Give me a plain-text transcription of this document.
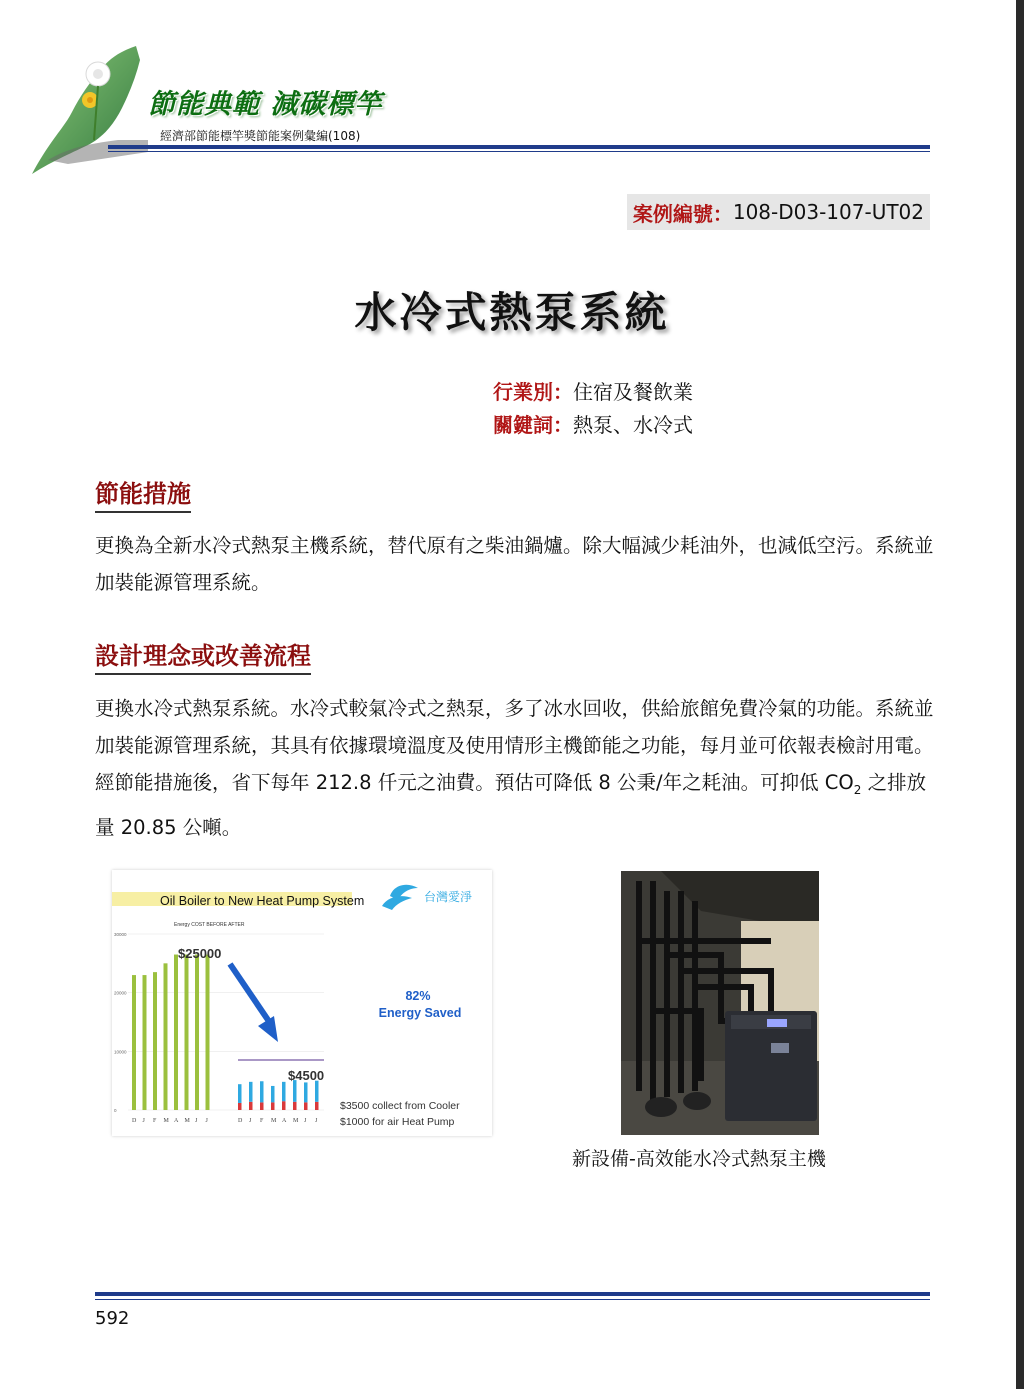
節能典範 減碳標竿
經濟部節能標竿獎節能案例彙編(108)
案例編號： 108-D03-107-UT02
水冷式熱泵系統
行業別：住宿及餐飲業
關鍵詞：熱泵、水冷式
節能措施
更換為全新水冷式熱泵主機系統，替代原有之柴油鍋爐。除大幅減少耗油外，也減低空污。系統並加裝能源管理系統。
設計理念或改善流程
更換水冷式熱泵系統。水冷式較氣冷式之熱泵，多了冰水回收，供給旅館免費冷氣的功能。系統並加裝能源管理系統，其具有依據環境溫度及使用情形主機節能之功能，每月並可依報表檢討用電。經節能措施後，省下每年 212.8 仟元之油費。預估可降低 8 公秉/年之耗油。可抑低 $CO_2$ 之排放量 20.85 公噸。
Oil Boiler to New Heat Pump System	台灣愛淨
Energy COST BEFORE AFTER
30000
20000
10000
0
D	D
J	J
F	F
M	M
A	A
M	M
J	J
J	J
$25000
$4500
82%
Energy Saved
$3500 collect from Cooler
$1000 for air Heat Pump
新設備-高效能水冷式熱泵主機
592
